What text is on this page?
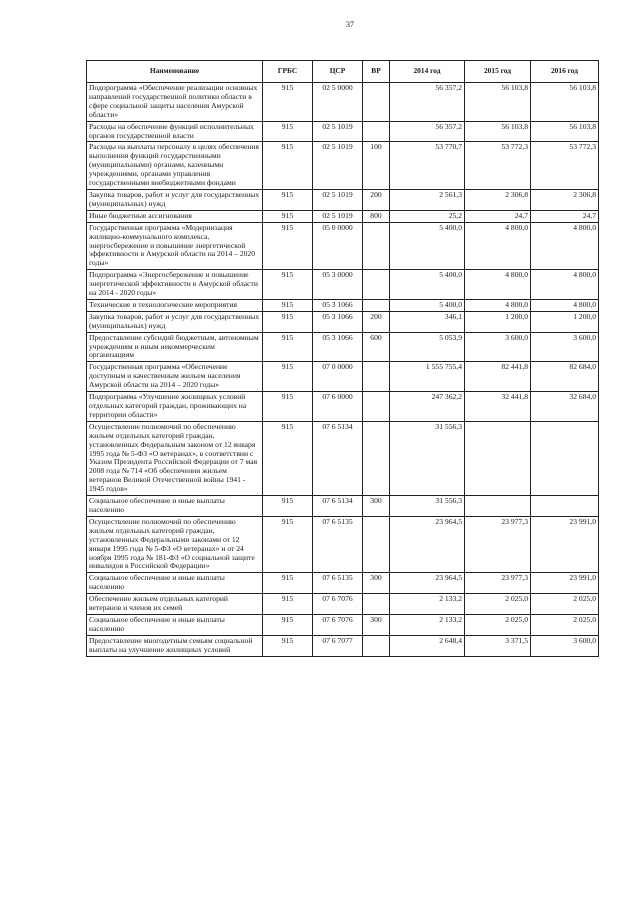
37
Наименование	ГРБС	ЦСР	ВР	2014 год	2015 год	2016 год
Подпрограмма «Обеспечение реализации основных направлений государственной политики области в сфере социальной защиты населения Амурской области»	915	02 5 0000		56 357,2	56 103,8	56 103,8
Расходы на обеспечение функций исполнительных органов государственной власти	915	02 5 1019		56 357,2	56 103,8	56 103,8
Расходы на выплаты персоналу в целях обеспечения выполнения функций государственными (муниципальными) органами, казенными учреждениями, органами управления государственными внебюджетными фондами	915	02 5 1019	100	53 770,7	53 772,3	53 772,3
Закупка товаров, работ и услуг для государственных (муниципальных) нужд	915	02 5 1019	200	2 561,3	2 306,8	2 306,8
Иные бюджетные ассигнования	915	02 5 1019	800	25,2	24,7	24,7
Государственная программа «Модернизация жилищно-коммунального комплекса, энергосбережение и повышение энергетической эффективности в Амурской области на 2014 – 2020 годы»	915	05 0 0000		5 400,0	4 800,0	4 800,0
Подпрограмма «Энергосбережение и повышение энергетической эффективности в Амурской области на 2014 - 2020 годы»	915	05 3 0000		5 400,0	4 800,0	4 800,0
Технические и технологические мероприятия	915	05 3 1066		5 400,0	4 800,0	4 800,0
Закупка товаров, работ и услуг для государственных (муниципальных) нужд	915	05 3 1066	200	346,1	1 200,0	1 200,0
Предоставление субсидий бюджетным, автономным учреждениям и иным некоммерческим организациям	915	05 3 1066	600	5 053,9	3 600,0	3 600,0
Государственная программа «Обеспечение доступным и качественным жильем населения Амурской области на 2014 – 2020 годы»	915	07 0 0000		1 555 755,4	82 441,8	82 684,0
Подпрограмма «Улучшение жилищных условий отдельных категорий граждан, проживающих на территории области»	915	07 6 0000		247 362,2	32 441,8	32 684,0
Осуществление полномочий по обеспечению жильем отдельных категорий граждан, установленных Федеральным законом от 12 января 1995 года № 5-ФЗ «О ветеранах», в соответствии с Указом Президента Российской Федерации от 7 мая 2008 года № 714 «Об обеспечении жильем ветеранов Великой Отечественной войны 1941 - 1945 годов»	915	07 6 5134		31 556,3		
Социальное обеспечение и иные выплаты населению	915	07 6 5134	300	31 556,3		
Осуществление полномочий по обеспечению жильем отдельных категорий граждан, установленных Федеральными законами от 12 января 1995 года № 5-ФЗ «О ветеранах» и от 24 ноября 1995 года № 181-ФЗ «О социальной защите инвалидов в Российской Федерации»	915	07 6 5135		23 964,5	23 977,3	23 991,0
Социальное обеспечение и иные выплаты населению	915	07 6 5135	300	23 964,5	23 977,3	23 991,0
Обеспечение жильем отдельных категорий ветеранов и членов их семей	915	07 6 7076		2 133,2	2 025,0	2 025,0
Социальное обеспечение и иные выплаты населению	915	07 6 7076	300	2 133,2	2 025,0	2 025,0
Предоставление многодетным семьям социальной выплаты на улучшение жилищных условий	915	07 6 7077		2 648,4	3 371,5	3 600,0
